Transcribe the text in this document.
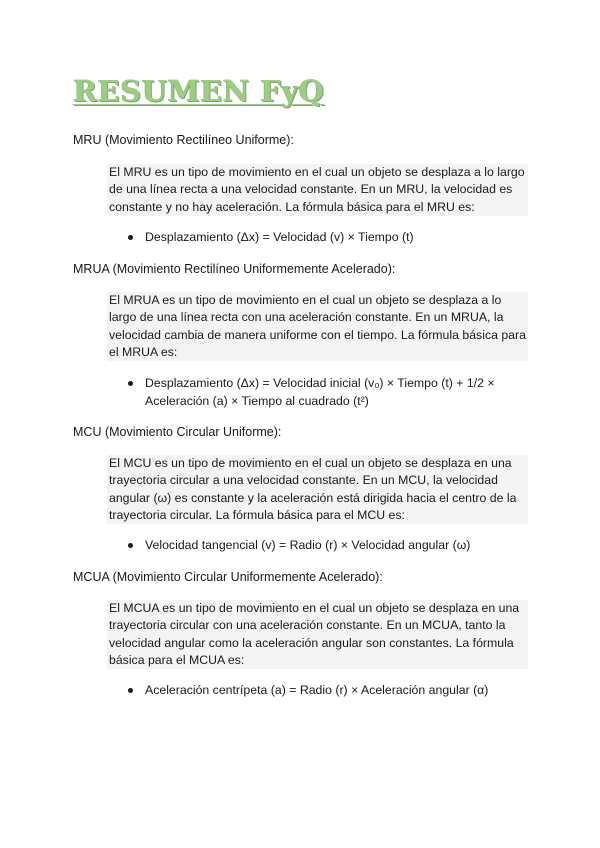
RESUMEN FyQ
MRU (Movimiento Rectilíneo Uniforme):
El MRU es un tipo de movimiento en el cual un objeto se desplaza a lo largo de una línea recta a una velocidad constante. En un MRU, la velocidad es constante y no hay aceleración. La fórmula básica para el MRU es:
Desplazamiento (Δx) = Velocidad (v) × Tiempo (t)
MRUA (Movimiento Rectilíneo Uniformemente Acelerado):
El MRUA es un tipo de movimiento en el cual un objeto se desplaza a lo largo de una línea recta con una aceleración constante. En un MRUA, la velocidad cambia de manera uniforme con el tiempo. La fórmula básica para el MRUA es:
Desplazamiento (Δx) = Velocidad inicial (v₀) × Tiempo (t) + 1/2 × Aceleración (a) × Tiempo al cuadrado (t²)
MCU (Movimiento Circular Uniforme):
El MCU es un tipo de movimiento en el cual un objeto se desplaza en una trayectoria circular a una velocidad constante. En un MCU, la velocidad angular (ω) es constante y la aceleración está dirigida hacia el centro de la trayectoria circular. La fórmula básica para el MCU es:
Velocidad tangencial (v) = Radio (r) × Velocidad angular (ω)
MCUA (Movimiento Circular Uniformemente Acelerado):
El MCUA es un tipo de movimiento en el cual un objeto se desplaza en una trayectoria circular con una aceleración constante. En un MCUA, tanto la velocidad angular como la aceleración angular son constantes. La fórmula básica para el MCUA es:
Aceleración centrípeta (a) = Radio (r) × Aceleración angular (α)
